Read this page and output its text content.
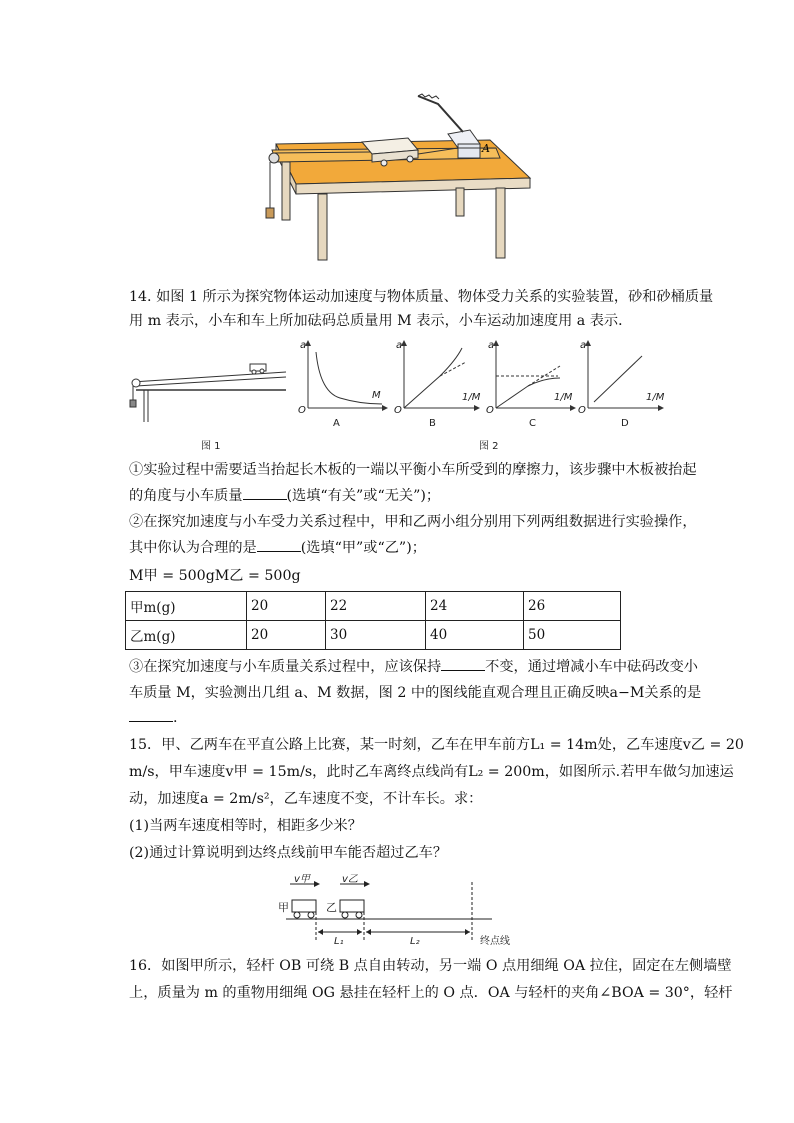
A
14. 如图 1 所示为探究物体运动加速度与物体质量、物体受力关系的实验装置，砂和砂桶质量
用 m 表示，小车和车上所加砝码总质量用 M 表示，小车运动加速度用 a 表示．
图 1
a
M
O
A
a
1/M
O
B
a
1/M
O
C
a
1/M
O
D
图 2
①实验过程中需要适当抬起长木板的一端以平衡小车所受到的摩擦力，该步骤中木板被抬起
的角度与小车质量	(选填“有关”或“无关”)；
②在探究加速度与小车受力关系过程中，甲和乙两小组分别用下列两组数据进行实验操作，
其中你认为合理的是	(选填“甲”或“乙”)；
M甲 = 500gM乙 = 500g
甲m(g)	20	22	24	26
乙m(g)	20	30	40	50
③在探究加速度与小车质量关系过程中，应该保持	不变，通过增减小车中砝码改变小
车质量 M，实验测出几组 a、M 数据，图 2 中的图线能直观合理且正确反映a−M关系的是
.
15．甲、乙两车在平直公路上比赛，某一时刻，乙车在甲车前方L₁ = 14m处，乙车速度v乙 = 20
m/s，甲车速度v甲 = 15m/s，此时乙车离终点线尚有L₂ = 200m，如图所示.若甲车做匀加速运
动，加速度a = 2m/s²，乙车速度不变，不计车长。求：
(1)当两车速度相等时，相距多少米？
(2)通过计算说明到达终点线前甲车能否超过乙车？
v甲	v乙
甲	乙
L₁	L₂	终点线
16．如图甲所示，轻杆 OB 可绕 B 点自由转动，另一端 O 点用细绳 OA 拉住，固定在左侧墙壁
上，质量为 m 的重物用细绳 OG 悬挂在轻杆上的 O 点．OA 与轻杆的夹角∠BOA = 30°，轻杆
